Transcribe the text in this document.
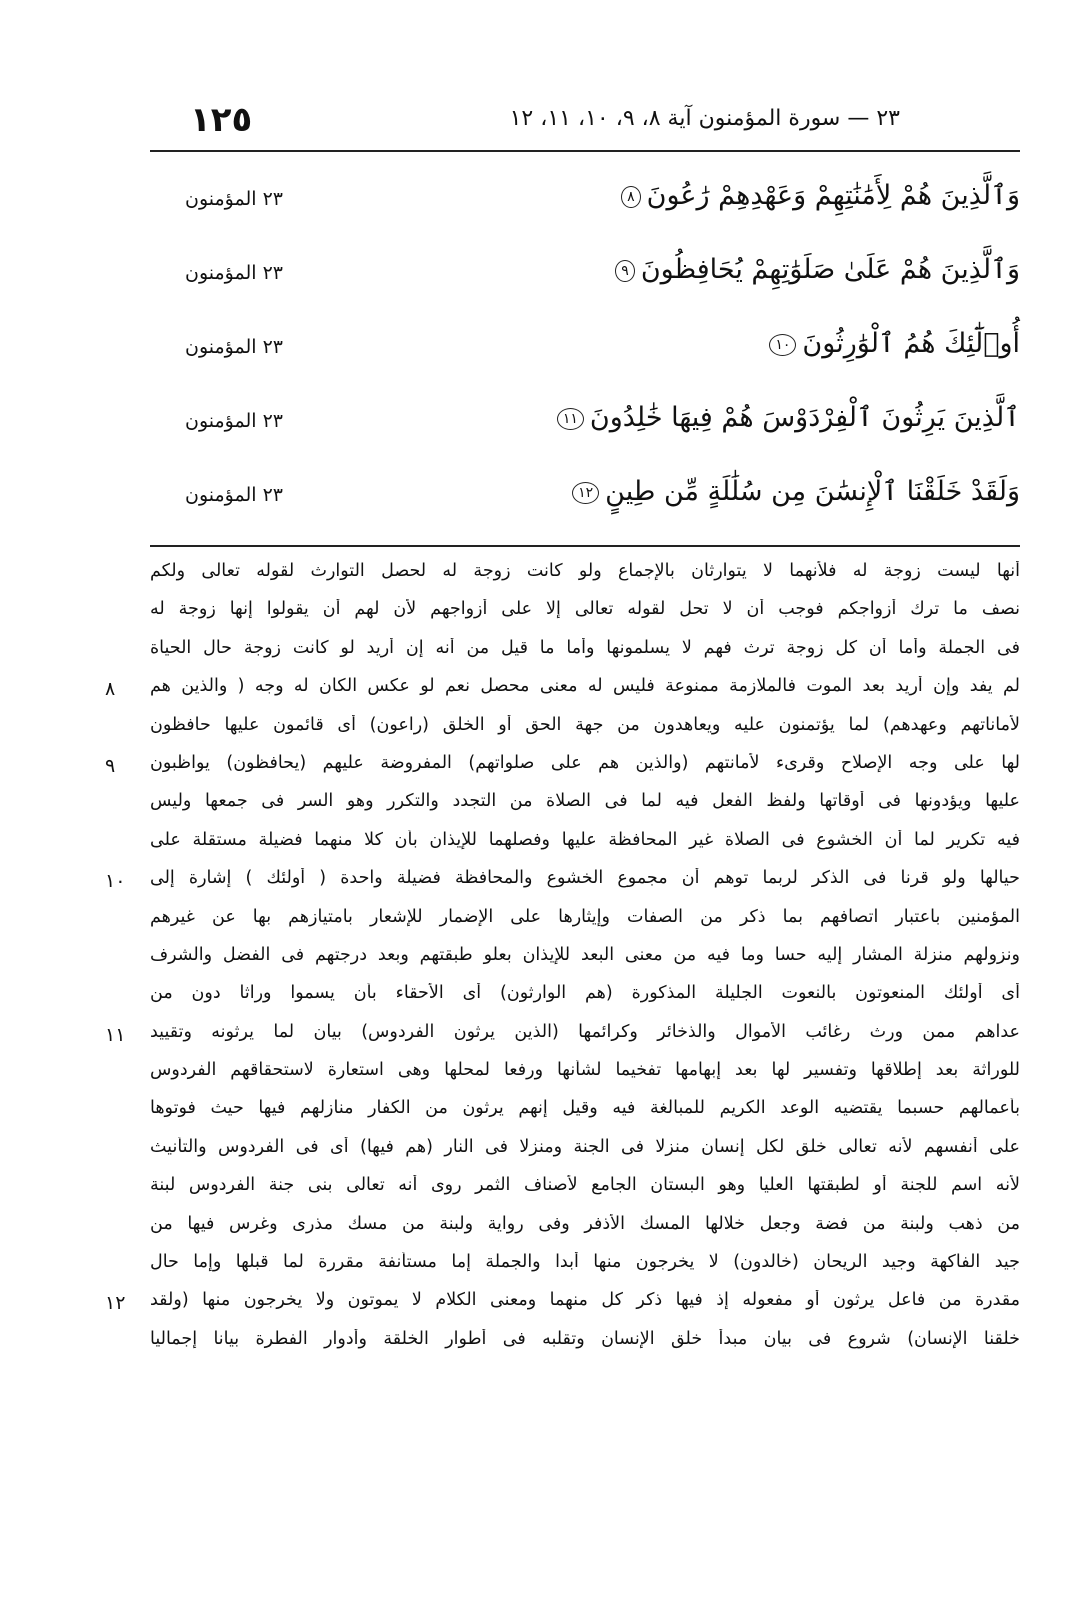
١٢٥	٢٣ — سورة المؤمنون آية ٨، ٩، ١٠، ١١، ١٢
وَٱلَّذِينَ هُمْ لِأَمَٰنَٰتِهِمْ وَعَهْدِهِمْ رَٰعُونَ٨
٢٣ المؤمنون
وَٱلَّذِينَ هُمْ عَلَىٰ صَلَوَٰتِهِمْ يُحَافِظُونَ٩
٢٣ المؤمنون
أُو۟لَٰٓئِكَ هُمُ ٱلْوَٰرِثُونَ١٠
٢٣ المؤمنون
ٱلَّذِينَ يَرِثُونَ ٱلْفِرْدَوْسَ هُمْ فِيهَا خَٰلِدُونَ١١
٢٣ المؤمنون
وَلَقَدْ خَلَقْنَا ٱلْإِنسَٰنَ مِن سُلَٰلَةٍ مِّن طِينٍ١٢
٢٣ المؤمنون
أنها ليست زوجة له فلأنهما لا يتوارثان بالإجماع ولو كانت زوجة له لحصل التوارث لقوله تعالى ولكم
نصف ما ترك أزواجكم فوجب أن لا تحل لقوله تعالى إلا على أزواجهم لأن لهم أن يقولوا إنها زوجة له
فى الجملة وأما أن كل زوجة ترث فهم لا يسلمونها وأما ما قيل من أنه إن أريد لو كانت زوجة حال الحياة
لم يفد وإن أريد بعد الموت فالملازمة ممنوعة فليس له معنى محصل نعم لو عكس الكان له وجه ( والذين هم
٨
لأماناتهم وعهدهم) لما يؤتمنون عليه ويعاهدون من جهة الحق أو الخلق (راعون) أى قائمون عليها حافظون
لها على وجه الإصلاح وقرىء لأمانتهم (والذين هم على صلواتهم) المفروضة عليهم (يحافظون) يواظبون
٩
عليها ويؤدونها فى أوقاتها ولفظ الفعل فيه لما فى الصلاة من التجدد والتكرر وهو السر فى جمعها وليس
فيه تكرير لما أن الخشوع فى الصلاة غير المحافظة عليها وفصلهما للإيذان بأن كلا منهما فضيلة مستقلة على
حيالها ولو قرنا فى الذكر لربما توهم أن مجموع الخشوع والمحافظة فضيلة واحدة ( أولئك ) إشارة إلى
١٠
المؤمنين باعتبار اتصافهم بما ذكر من الصفات وإيثارها على الإضمار للإشعار بامتيازهم بها عن غيرهم
ونزولهم منزلة المشار إليه حسا وما فيه من معنى البعد للإيذان بعلو طبقتهم وبعد درجتهم فى الفضل والشرف
أى أولئك المنعوتون بالنعوت الجليلة المذكورة (هم الوارثون) أى الأحقاء بأن يسموا وراثا دون من
عداهم ممن ورث رغائب الأموال والذخائر وكرائمها (الذين يرثون الفردوس) بيان لما يرثونه وتقييد
١١
للوراثة بعد إطلاقها وتفسير لها بعد إبهامها تفخيما لشأنها ورفعا لمحلها وهى استعارة لاستحقاقهم الفردوس
بأعمالهم حسبما يقتضيه الوعد الكريم للمبالغة فيه وقيل إنهم يرثون من الكفار منازلهم فيها حيث فوتوها
على أنفسهم لأنه تعالى خلق لكل إنسان منزلا فى الجنة ومنزلا فى النار (هم فيها) أى فى الفردوس والتأنيث
لأنه اسم للجنة أو لطبقتها العليا وهو البستان الجامع لأصناف الثمر روى أنه تعالى بنى جنة الفردوس لبنة
من ذهب ولبنة من فضة وجعل خلالها المسك الأذفر وفى رواية ولبنة من مسك مذرى وغرس فيها من
جيد الفاكهة وجيد الريحان (خالدون) لا يخرجون منها أبدا والجملة إما مستأنفة مقررة لما قبلها وإما حال
مقدرة من فاعل يرثون أو مفعوله إذ فيها ذكر كل منهما ومعنى الكلام لا يموتون ولا يخرجون منها (ولقد
١٢
خلقنا الإنسان) شروع فى بيان مبدأ خلق الإنسان وتقلبه فى أطوار الخلقة وأدوار الفطرة بيانا إجماليا
